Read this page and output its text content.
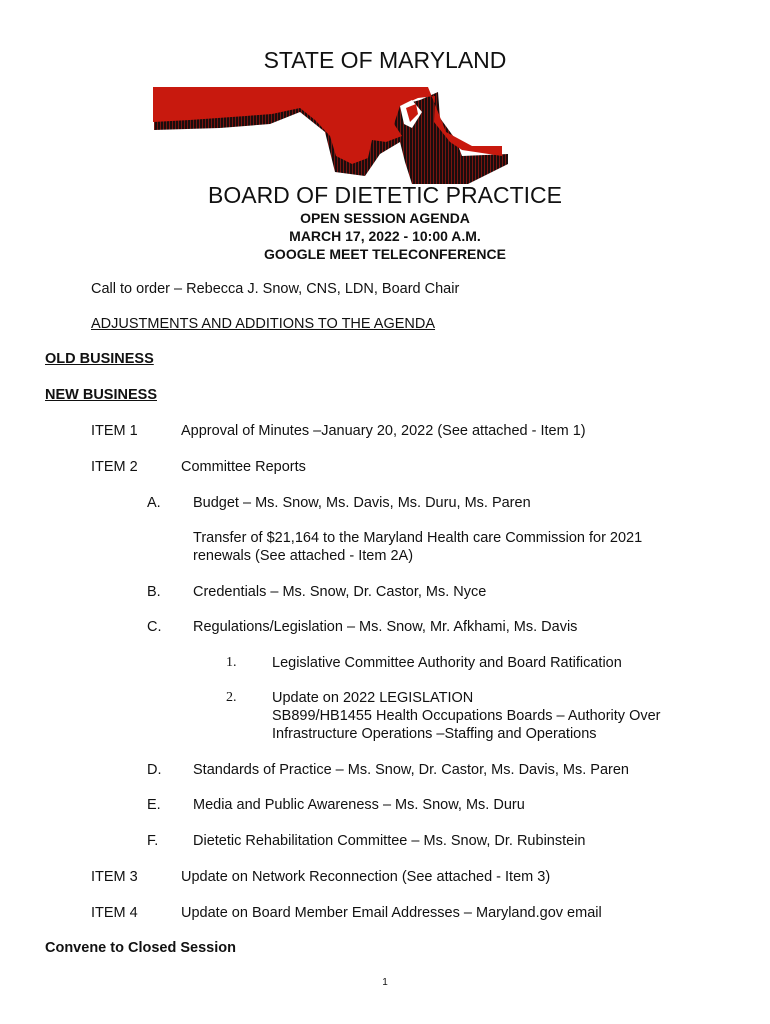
STATE OF MARYLAND
BOARD OF DIETETIC PRACTICE
OPEN SESSION AGENDA
MARCH 17, 2022 - 10:00 A.M.
GOOGLE MEET TELECONFERENCE
Call to order – Rebecca J. Snow, CNS, LDN, Board Chair
ADJUSTMENTS AND ADDITIONS TO THE AGENDA
OLD BUSINESS
NEW BUSINESS
ITEM 1	Approval of Minutes –January 20, 2022 (See attached - Item 1)
ITEM 2	Committee Reports
A. Budget – Ms. Snow, Ms. Davis, Ms. Duru, Ms. Paren
Transfer of $21,164 to the Maryland Health care Commission for 2021
renewals (See attached - Item 2A)
B. Credentials – Ms. Snow, Dr. Castor, Ms. Nyce
C. Regulations/Legislation – Ms. Snow, Mr. Afkhami, Ms. Davis
1. Legislative Committee Authority and Board Ratification
2. Update on 2022 LEGISLATION
SB899/HB1455 Health Occupations Boards – Authority Over
Infrastructure Operations –Staffing and Operations
D. Standards of Practice – Ms. Snow, Dr. Castor, Ms. Davis, Ms. Paren
E. Media and Public Awareness – Ms. Snow, Ms. Duru
F. Dietetic Rehabilitation Committee – Ms. Snow, Dr. Rubinstein
ITEM 3	Update on Network Reconnection (See attached - Item 3)
ITEM 4	Update on Board Member Email Addresses – Maryland.gov email
Convene to Closed Session
1
